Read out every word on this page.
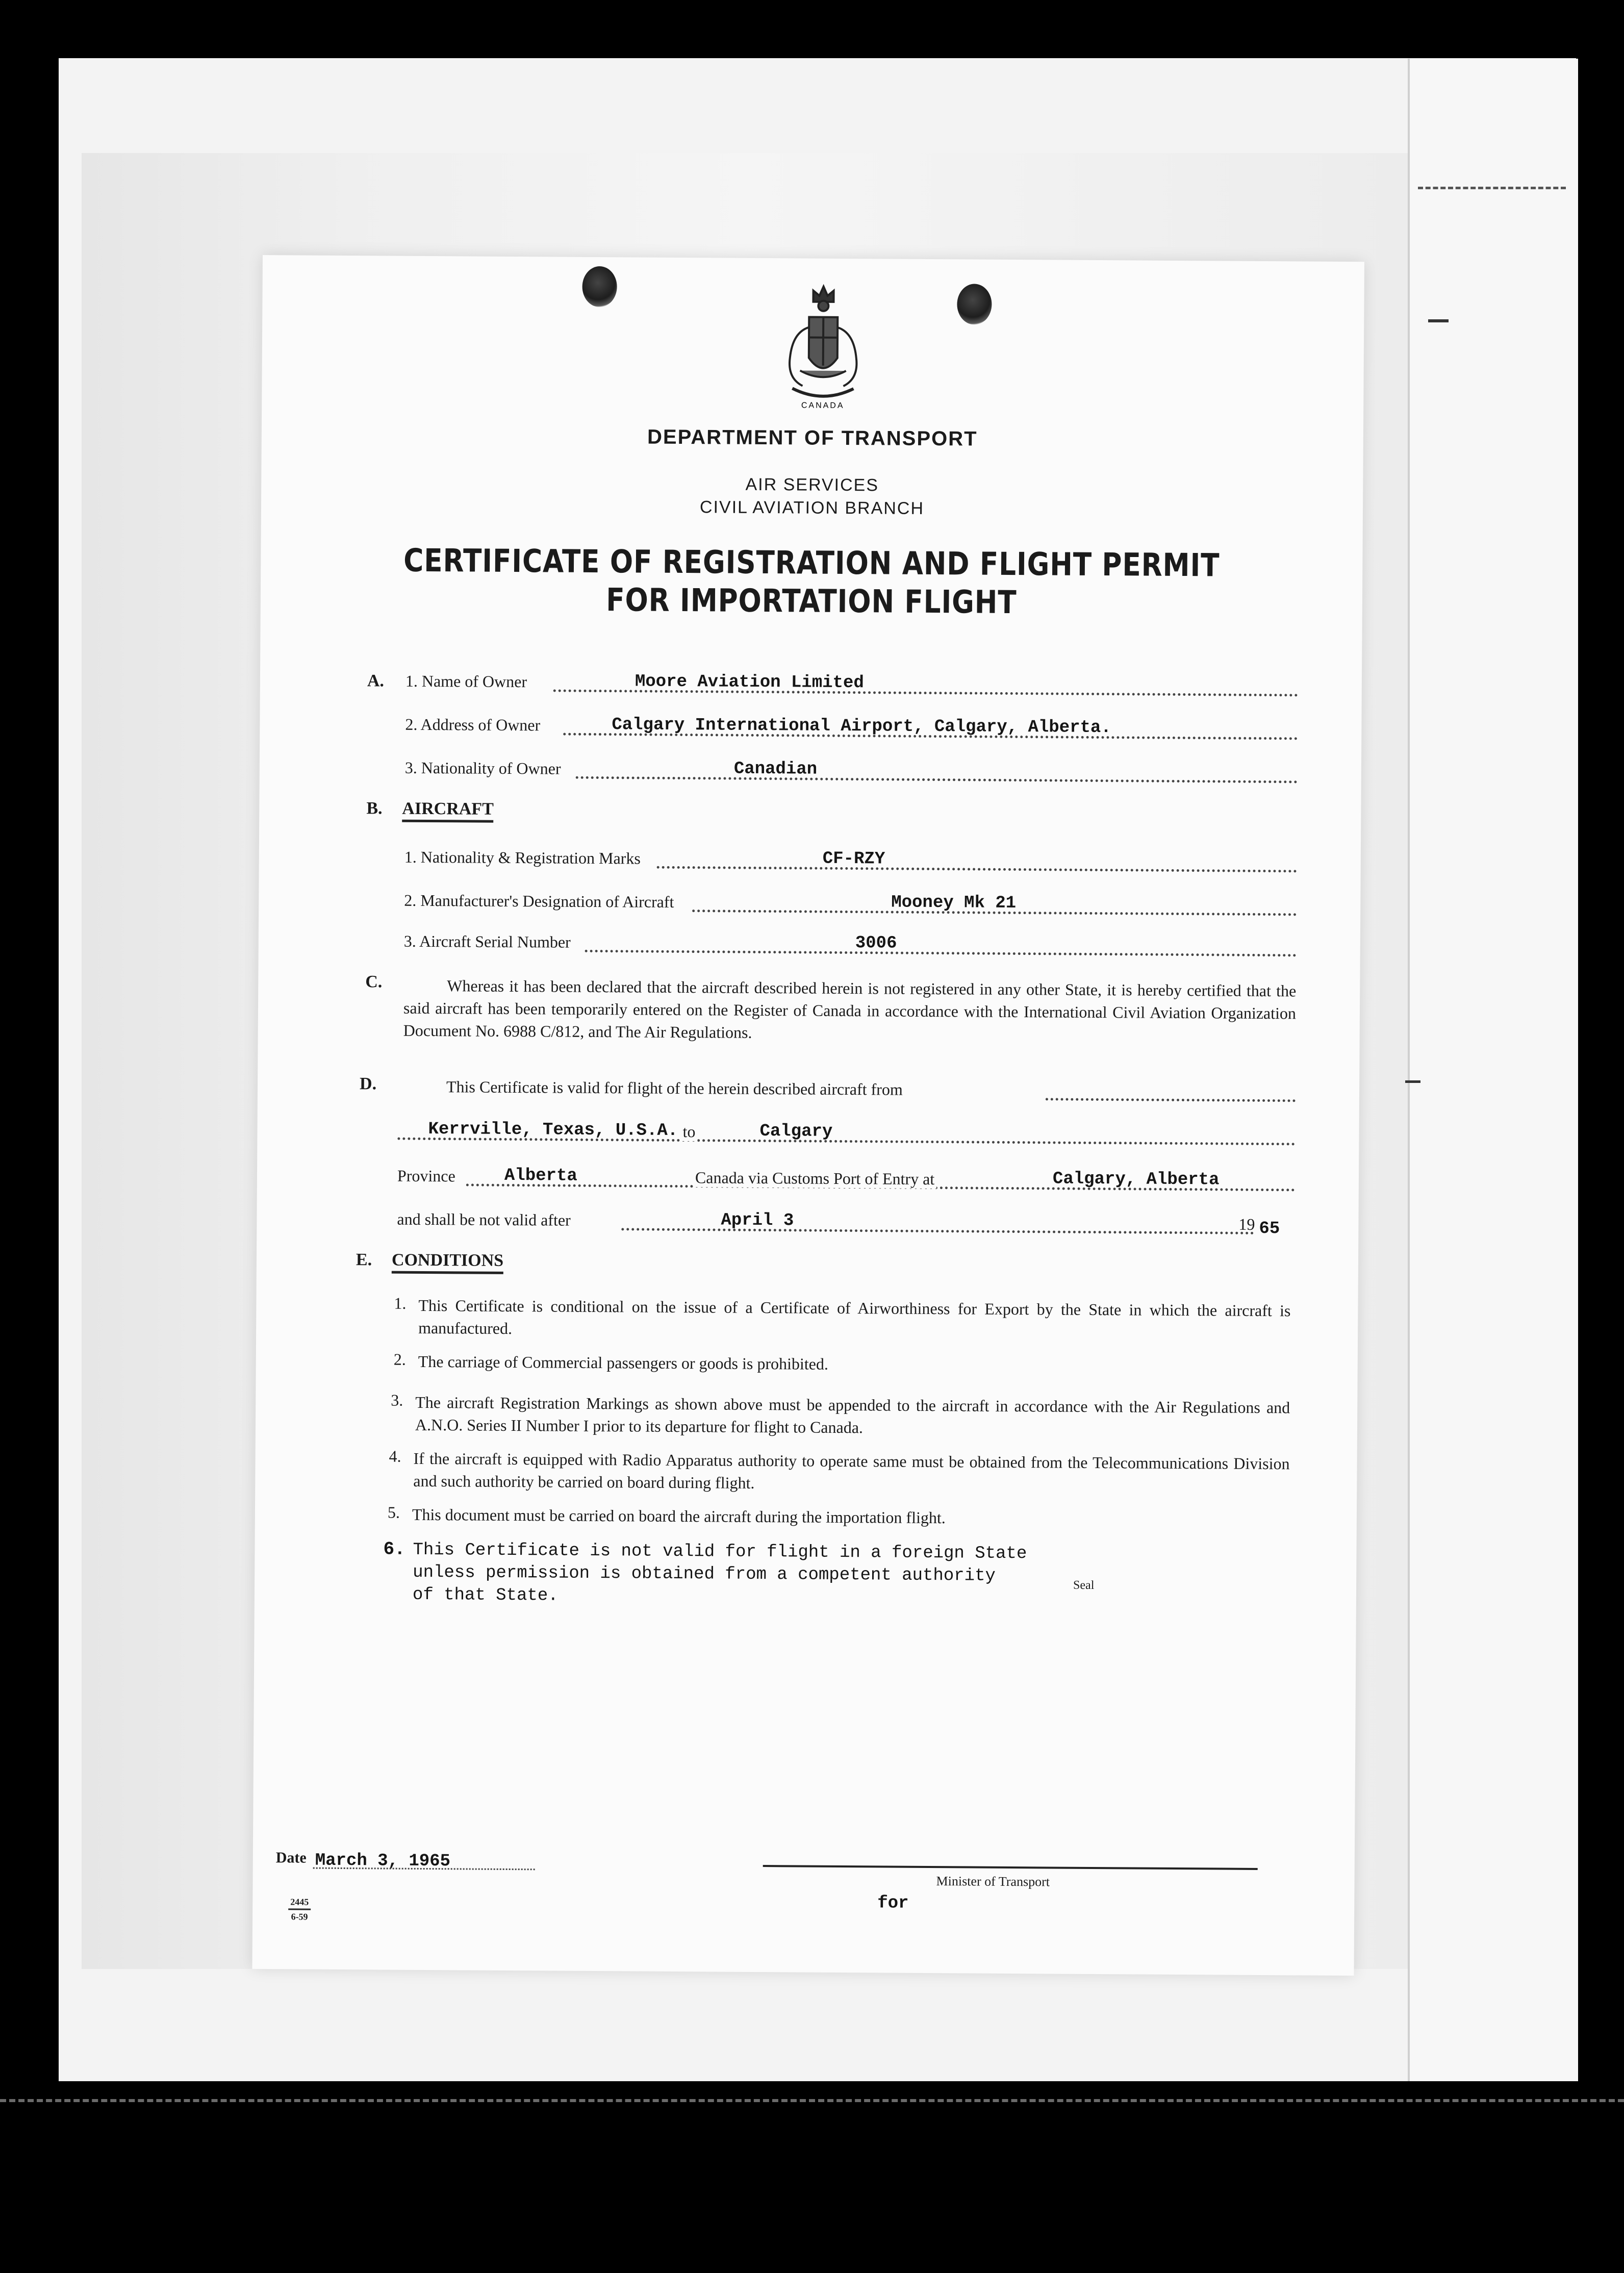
CANADA
DEPARTMENT OF TRANSPORT
AIR SERVICES
CIVIL AVIATION BRANCH
CERTIFICATE OF REGISTRATION AND FLIGHT PERMIT
FOR IMPORTATION FLIGHT
A. 1. Name of Owner	Moore Aviation Limited
2. Address of Owner	Calgary International Airport, Calgary, Alberta.
3. Nationality of Owner	Canadian
B. AIRCRAFT
1. Nationality & Registration Marks	CF-RZY
2. Manufacturer's Designation of Aircraft	Mooney Mk 21
3. Aircraft Serial Number	3006
C.	Whereas it has been declared that the aircraft described herein is not registered in any other State, it is hereby certified that the said aircraft has been temporarily entered on the Register of Canada in accordance with the International Civil Aviation Organization Document No. 6988 C/812, and The Air Regulations.
D.	This Certificate is valid for flight of the herein described aircraft from
Kerrville, Texas, U.S.A. to	Calgary
Province	Alberta	Canada via Customs Port of Entry at	Calgary, Alberta
and shall be not valid after	April 3	19 65
E. CONDITIONS
1. This Certificate is conditional on the issue of a Certificate of Airworthiness for Export by the State in which the aircraft is manufactured.
2. The carriage of Commercial passengers or goods is prohibited.
3. The aircraft Registration Markings as shown above must be appended to the aircraft in accordance with the Air Regulations and A.N.O. Series II Number I prior to its departure for flight to Canada.
4. If the aircraft is equipped with Radio Apparatus authority to operate same must be obtained from the Telecommunications Division and such authority be carried on board during flight.
5. This document must be carried on board the aircraft during the importation flight.
6. This Certificate is not valid for flight in a foreign State
unless permission is obtained from a competent authority
of that State.	Seal
Date March 3, 1965
2445
6-59
Minister of Transport
for
